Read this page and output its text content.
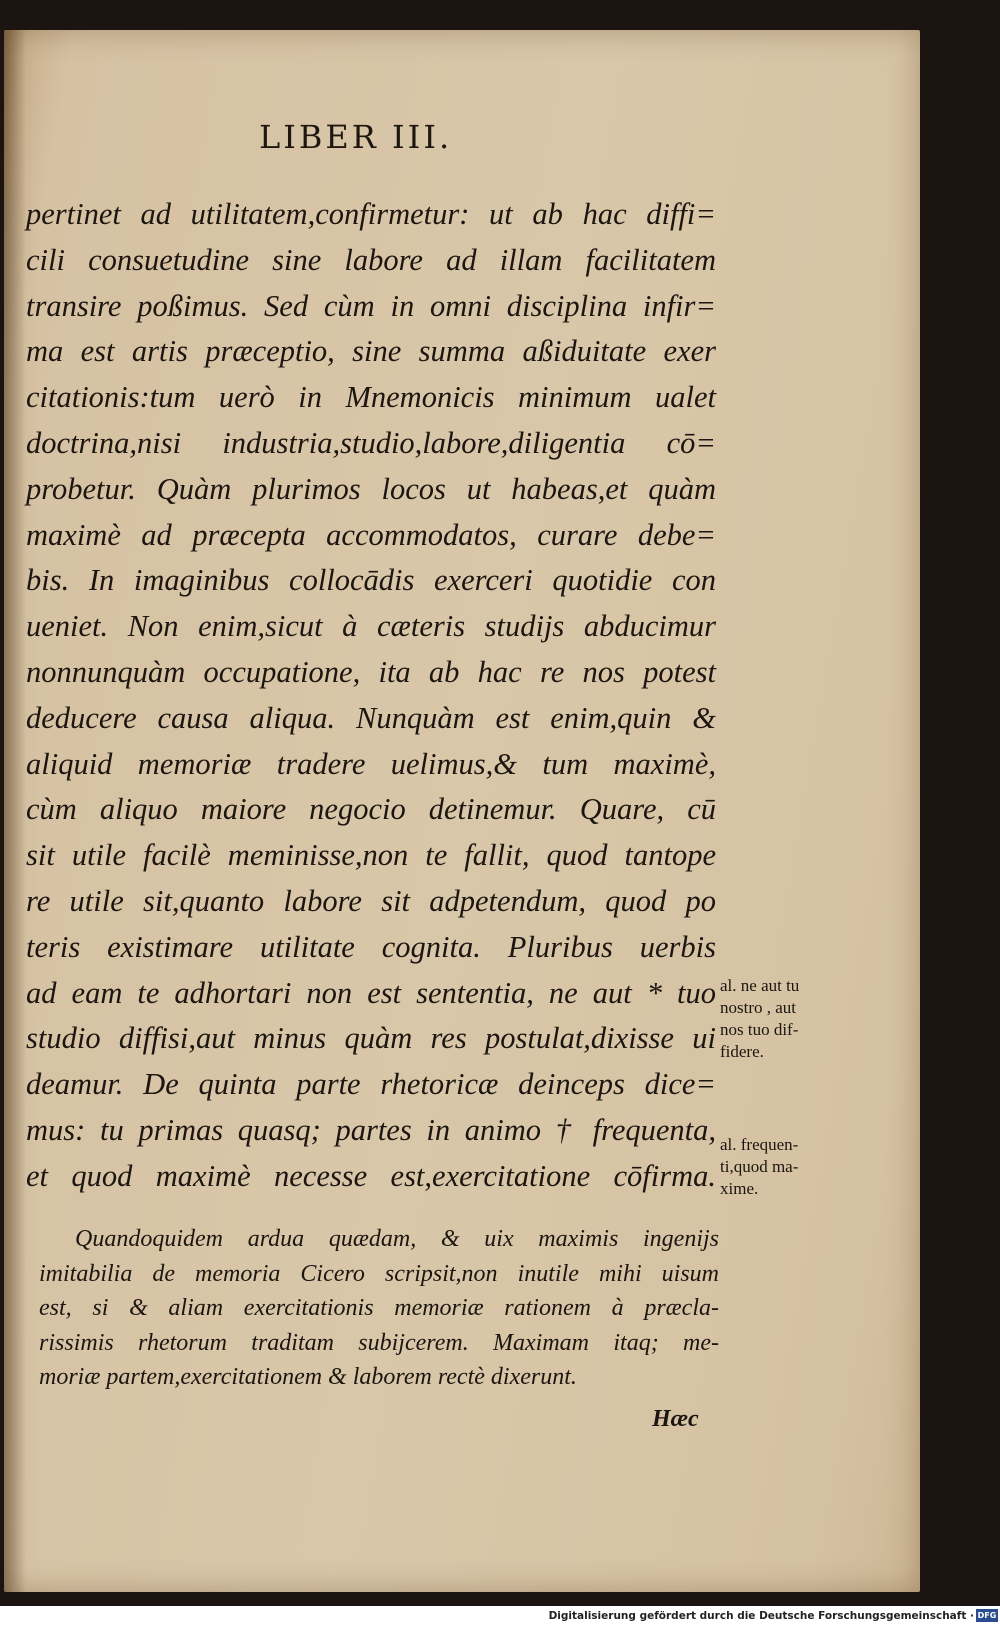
LIBER III.
pertinet ad utilitatem,confirmetur: ut ab hac diffi=
cili consuetudine sine labore ad illam facilitatem
transire poßimus. Sed cùm in omni disciplina infir=
ma est artis præceptio, sine summa aßiduitate exer
citationis:tum uerò in Mnemonicis minimum ualet
doctrina,nisi industria,studio,labore,diligentia cō=
probetur. Quàm plurimos locos ut habeas,et quàm
maximè ad præcepta accommodatos, curare debe=
bis. In imaginibus collocādis exerceri quotidie con
ueniet. Non enim,sicut à cæteris studijs abducimur
nonnunquàm occupatione, ita ab hac re nos potest
deducere causa aliqua. Nunquàm est enim,quin &
aliquid memoriæ tradere uelimus,& tum maximè,
cùm aliquo maiore negocio detinemur. Quare, cū
sit utile facilè meminisse,non te fallit, quod tantope
re utile sit,quanto labore sit adpetendum, quod po
teris existimare utilitate cognita. Pluribus uerbis
ad eam te adhortari non est sententia, ne aut * tuo
studio diffisi,aut minus quàm res postulat,dixisse ui
deamur. De quinta parte rhetoricæ deinceps dice=
mus: tu primas quasq; partes in animo † frequenta,
et quod maximè necesse est,exercitatione cōfirma.
al. ne aut tu
nostro , aut
nos tuo dif-
fidere.
al. frequen-
ti,quod ma-
xime.
Quandoquidem ardua quædam, & uix maximis ingenijs
imitabilia de memoria Cicero scripsit,non inutile mihi uisum
est, si & aliam exercitationis memoriæ rationem à præcla-
rissimis rhetorum traditam subijcerem. Maximam itaq; me-
moriæ partem,exercitationem & laborem rectè dixerunt.
Hæc
Digitalisierung gefördert durch die Deutsche Forschungsgemeinschaft · DFG
